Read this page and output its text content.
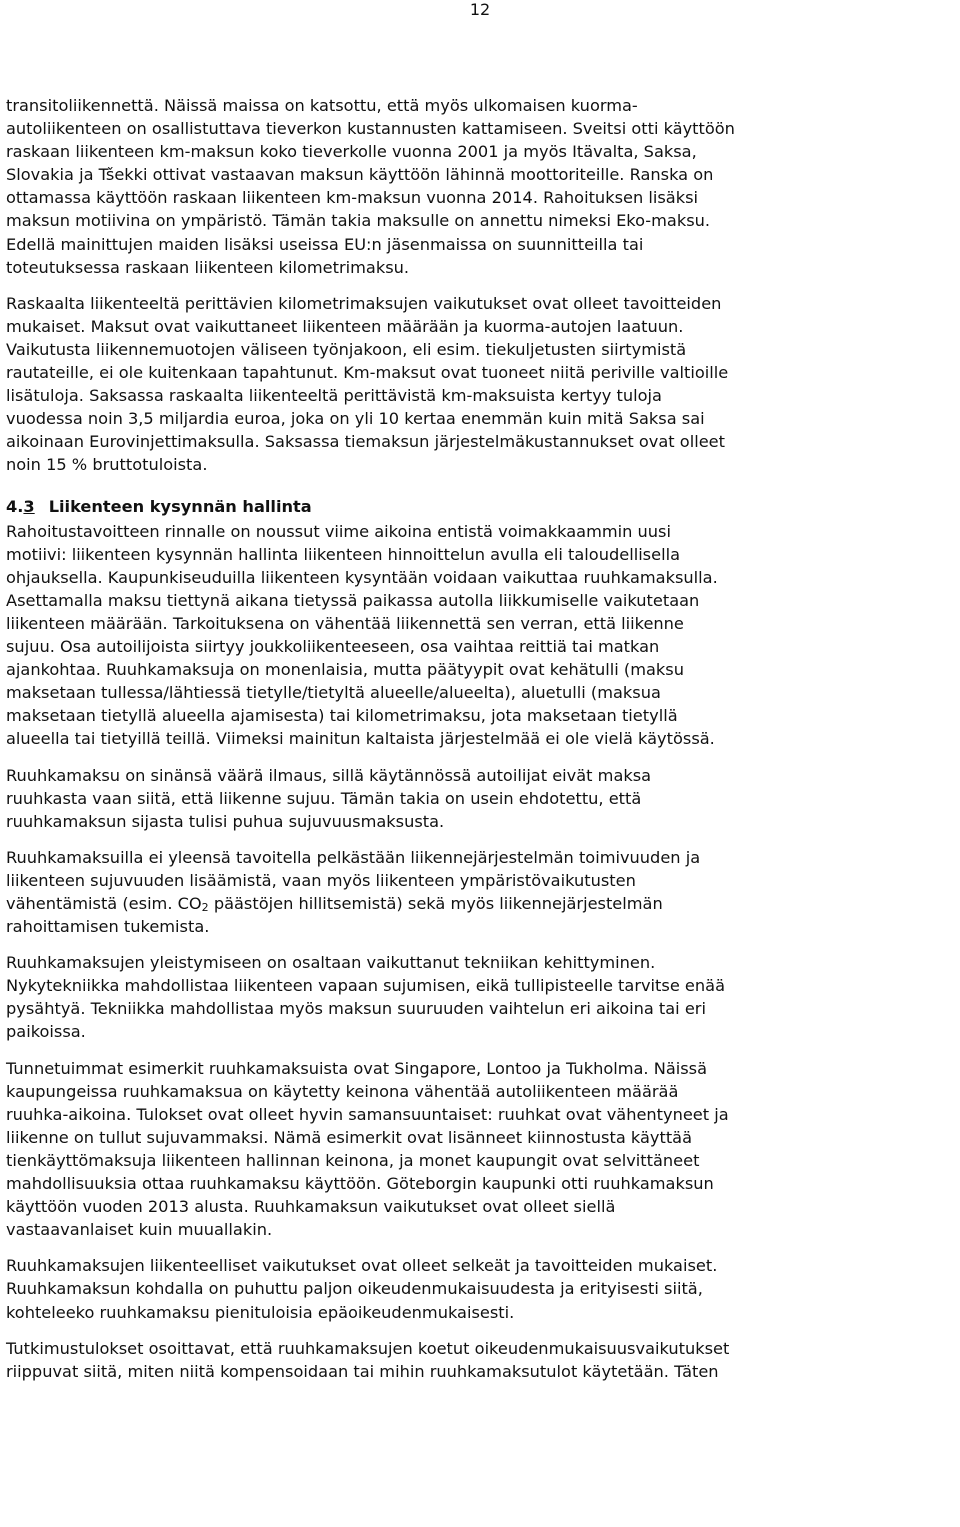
12

transitoliikennettä. Näissä maissa on katsottu, että myös ulkomaisen kuorma-
autoliikenteen on osallistuttava tieverkon kustannusten kattamiseen. Sveitsi otti käyttöön
raskaan liikenteen km-maksun koko tieverkolle vuonna 2001 ja myös Itävalta, Saksa,
Slovakia ja Tšekki ottivat vastaavan maksun käyttöön lähinnä moottoriteille. Ranska on
ottamassa käyttöön raskaan liikenteen km-maksun vuonna 2014. Rahoituksen lisäksi
maksun motiivina on ympäristö. Tämän takia maksulle on annettu nimeksi Eko-maksu.
Edellä mainittujen maiden lisäksi useissa EU:n jäsenmaissa on suunnitteilla tai
toteutuksessa raskaan liikenteen kilometrimaksu.

Raskaalta liikenteeltä perittävien kilometrimaksujen vaikutukset ovat olleet tavoitteiden
mukaiset. Maksut ovat vaikuttaneet liikenteen määrään ja kuorma-autojen laatuun.
Vaikutusta liikennemuotojen väliseen työnjakoon, eli esim. tiekuljetusten siirtymistä
rautateille, ei ole kuitenkaan tapahtunut. Km-maksut ovat tuoneet niitä periville valtioille
lisätuloja. Saksassa raskaalta liikenteeltä perittävistä km-maksuista kertyy tuloja
vuodessa noin 3,5 miljardia euroa, joka on yli 10 kertaa enemmän kuin mitä Saksa sai
aikoinaan Eurovinjettimaksulla. Saksassa tiemaksun järjestelmäkustannukset ovat olleet
noin 15 % bruttotuloista.

4.3 Liikenteen kysynnän hallinta

Rahoitustavoitteen rinnalle on noussut viime aikoina entistä voimakkaammin uusi
motiivi: liikenteen kysynnän hallinta liikenteen hinnoittelun avulla eli taloudellisella
ohjauksella. Kaupunkiseuduilla liikenteen kysyntään voidaan vaikuttaa ruuhkamaksulla.
Asettamalla maksu tiettynä aikana tietyssä paikassa autolla liikkumiselle vaikutetaan
liikenteen määrään. Tarkoituksena on vähentää liikennettä sen verran, että liikenne
sujuu. Osa autoilijoista siirtyy joukkoliikenteeseen, osa vaihtaa reittiä tai matkan
ajankohtaa. Ruuhkamaksuja on monenlaisia, mutta päätyypit ovat kehätulli (maksu
maksetaan tullessa/lähtiessä tietylle/tietyltä alueelle/alueelta), aluetulli (maksua
maksetaan tietyllä alueella ajamisesta) tai kilometrimaksu, jota maksetaan tietyllä
alueella tai tietyillä teillä. Viimeksi mainitun kaltaista järjestelmää ei ole vielä käytössä.

Ruuhkamaksu on sinänsä väärä ilmaus, sillä käytännössä autoilijat eivät maksa
ruuhkasta vaan siitä, että liikenne sujuu. Tämän takia on usein ehdotettu, että
ruuhkamaksun sijasta tulisi puhua sujuvuusmaksusta.

Ruuhkamaksuilla ei yleensä tavoitella pelkästään liikennejärjestelmän toimivuuden ja
liikenteen sujuvuuden lisäämistä, vaan myös liikenteen ympäristövaikutusten
vähentämistä (esim. $CO_2$ päästöjen hillitsemistä) sekä myös liikennejärjestelmän
rahoittamisen tukemista.

Ruuhkamaksujen yleistymiseen on osaltaan vaikuttanut tekniikan kehittyminen.
Nykytekniikka mahdollistaa liikenteen vapaan sujumisen, eikä tullipisteelle tarvitse enää
pysähtyä. Tekniikka mahdollistaa myös maksun suuruuden vaihtelun eri aikoina tai eri
paikoissa.

Tunnetuimmat esimerkit ruuhkamaksuista ovat Singapore, Lontoo ja Tukholma. Näissä
kaupungeissa ruuhkamaksua on käytetty keinona vähentää autoliikenteen määrää
ruuhka-aikoina. Tulokset ovat olleet hyvin samansuuntaiset: ruuhkat ovat vähentyneet ja
liikenne on tullut sujuvammaksi. Nämä esimerkit ovat lisänneet kiinnostusta käyttää
tienkäyttömaksuja liikenteen hallinnan keinona, ja monet kaupungit ovat selvittäneet
mahdollisuuksia ottaa ruuhkamaksu käyttöön. Göteborgin kaupunki otti ruuhkamaksun
käyttöön vuoden 2013 alusta. Ruuhkamaksun vaikutukset ovat olleet siellä
vastaavanlaiset kuin muuallakin.

Ruuhkamaksujen liikenteelliset vaikutukset ovat olleet selkeät ja tavoitteiden mukaiset.
Ruuhkamaksun kohdalla on puhuttu paljon oikeudenmukaisuudesta ja erityisesti siitä,
kohteleeko ruuhkamaksu pienituloisia epäoikeudenmukaisesti.

Tutkimustulokset osoittavat, että ruuhkamaksujen koetut oikeudenmukaisuusvaikutukset
riippuvat siitä, miten niitä kompensoidaan tai mihin ruuhkamaksutulot käytetään. Täten
